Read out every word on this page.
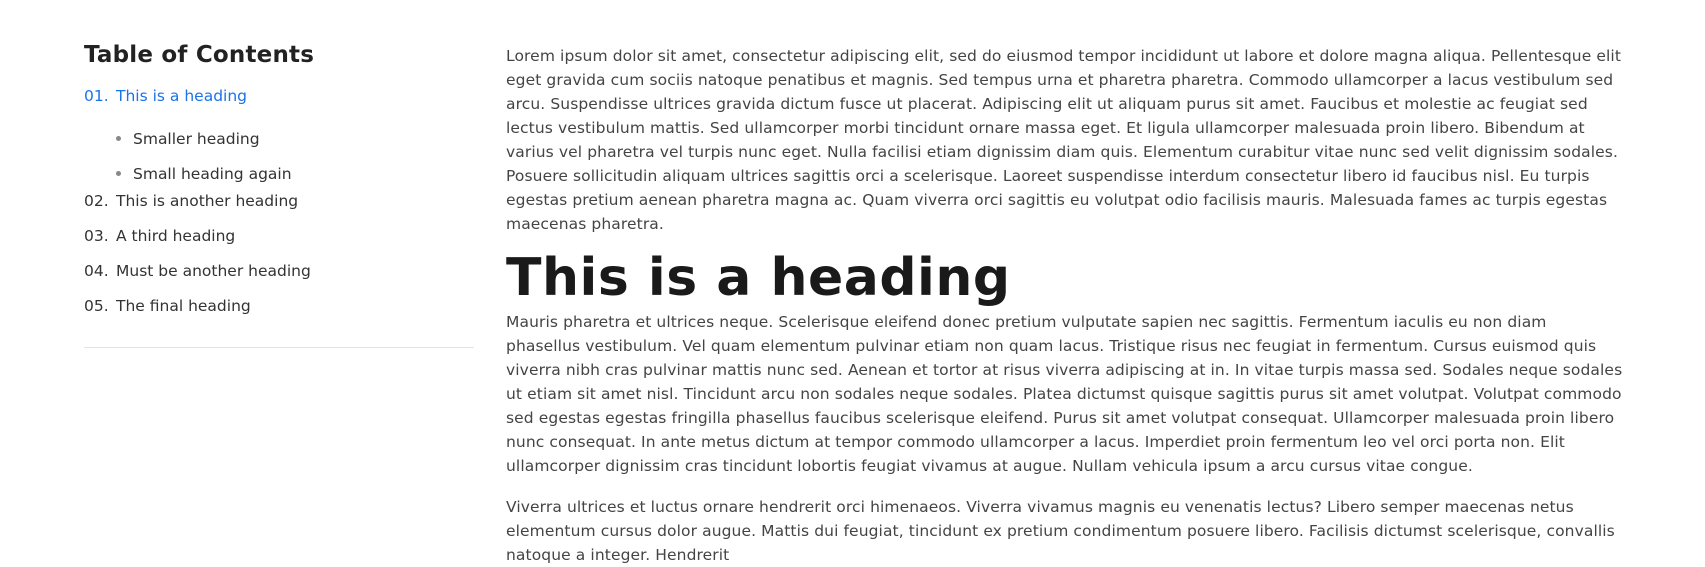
Table of Contents
01. This is a heading
Smaller heading
Small heading again
02. This is another heading
03. A third heading
04. Must be another heading
05. The final heading

Lorem ipsum dolor sit amet, consectetur adipiscing elit, sed do eiusmod tempor incididunt ut labore et dolore magna aliqua. Pellentesque elit eget gravida cum sociis natoque penatibus et magnis. Sed tempus urna et pharetra pharetra. Commodo ullamcorper a lacus vestibulum sed arcu. Suspendisse ultrices gravida dictum fusce ut placerat. Adipiscing elit ut aliquam purus sit amet. Faucibus et molestie ac feugiat sed lectus vestibulum mattis. Sed ullamcorper morbi tincidunt ornare massa eget. Et ligula ullamcorper malesuada proin libero. Bibendum at varius vel pharetra vel turpis nunc eget. Nulla facilisi etiam dignissim diam quis. Elementum curabitur vitae nunc sed velit dignissim sodales. Posuere sollicitudin aliquam ultrices sagittis orci a scelerisque. Laoreet suspendisse interdum consectetur libero id faucibus nisl. Eu turpis egestas pretium aenean pharetra magna ac. Quam viverra orci sagittis eu volutpat odio facilisis mauris. Malesuada fames ac turpis egestas maecenas pharetra.

This is a heading

Mauris pharetra et ultrices neque. Scelerisque eleifend donec pretium vulputate sapien nec sagittis. Fermentum iaculis eu non diam phasellus vestibulum. Vel quam elementum pulvinar etiam non quam lacus. Tristique risus nec feugiat in fermentum. Cursus euismod quis viverra nibh cras pulvinar mattis nunc sed. Aenean et tortor at risus viverra adipiscing at in. In vitae turpis massa sed. Sodales neque sodales ut etiam sit amet nisl. Tincidunt arcu non sodales neque sodales. Platea dictumst quisque sagittis purus sit amet volutpat. Volutpat commodo sed egestas egestas fringilla phasellus faucibus scelerisque eleifend. Purus sit amet volutpat consequat. Ullamcorper malesuada proin libero nunc consequat. In ante metus dictum at tempor commodo ullamcorper a lacus. Imperdiet proin fermentum leo vel orci porta non. Elit ullamcorper dignissim cras tincidunt lobortis feugiat vivamus at augue. Nullam vehicula ipsum a arcu cursus vitae congue.

Viverra ultrices et luctus ornare hendrerit orci himenaeos. Viverra vivamus magnis eu venenatis lectus? Libero semper maecenas netus elementum cursus dolor augue. Mattis dui feugiat, tincidunt ex pretium condimentum posuere libero. Facilisis dictumst scelerisque, convallis natoque a integer. Hendrerit
